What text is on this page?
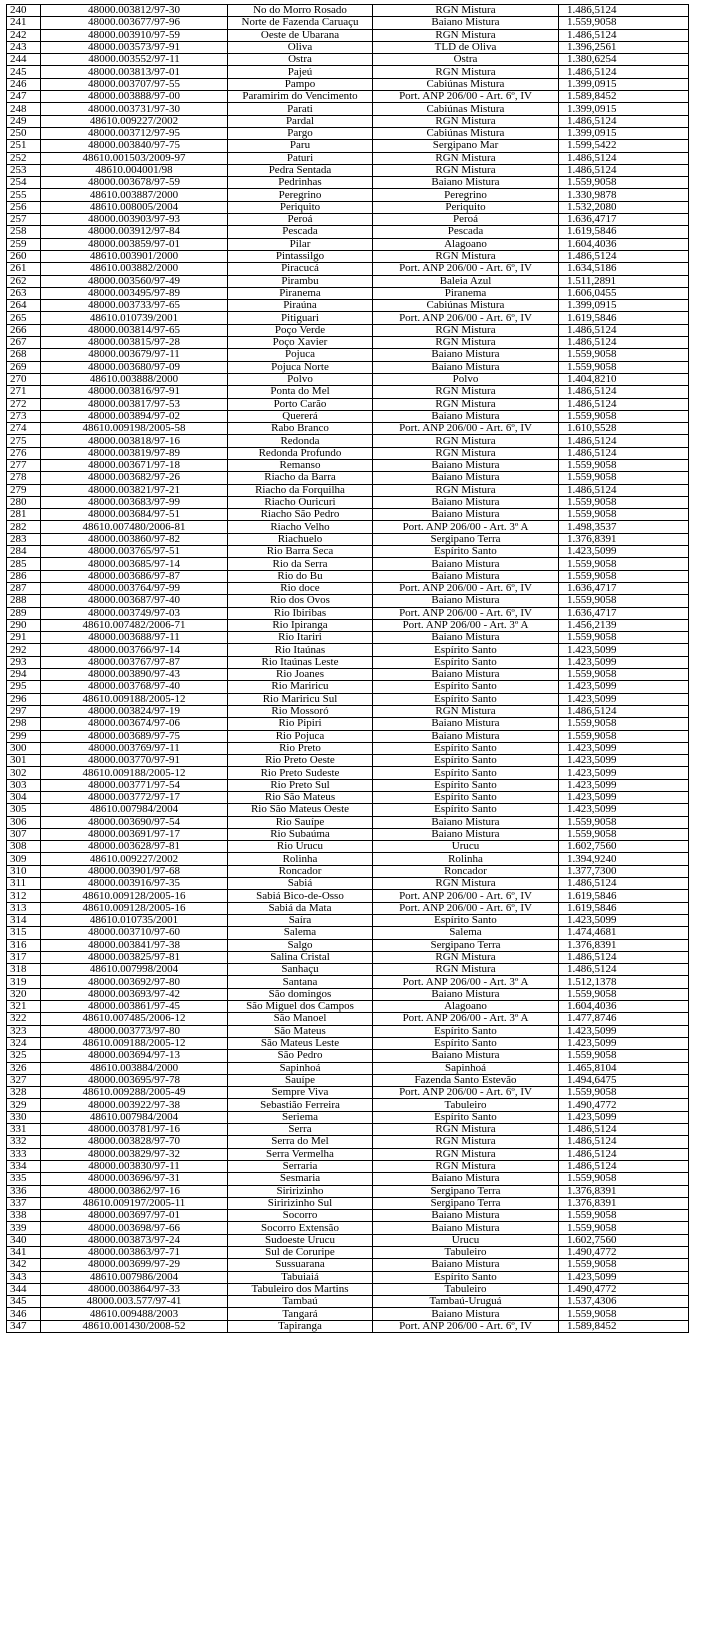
240	48000.003812/97-30	No do Morro Rosado	RGN Mistura	1.486,5124
241	48000.003677/97-96	Norte de Fazenda Caruaçu	Baiano Mistura	1.559,9058
242	48000.003910/97-59	Oeste de Ubarana	RGN Mistura	1.486,5124
243	48000.003573/97-91	Oliva	TLD de Oliva	1.396,2561
244	48000.003552/97-11	Ostra	Ostra	1.380,6254
245	48000.003813/97-01	Pajeú	RGN Mistura	1.486,5124
246	48000.003707/97-55	Pampo	Cabiúnas Mistura	1.399,0915
247	48000.003888/97-00	Paramirim do Vencimento	Port. ANP 206/00 - Art. 6º, IV	1.589,8452
248	48000.003731/97-30	Parati	Cabiúnas Mistura	1.399,0915
249	48610.009227/2002	Pardal	RGN Mistura	1.486,5124
250	48000.003712/97-95	Pargo	Cabiúnas Mistura	1.399,0915
251	48000.003840/97-75	Paru	Sergipano Mar	1.599,5422
252	48610.001503/2009-97	Paturi	RGN Mistura	1.486,5124
253	48610.004001/98	Pedra Sentada	RGN Mistura	1.486,5124
254	48000.003678/97-59	Pedrinhas	Baiano Mistura	1.559,9058
255	48610.003887/2000	Peregrino	Peregrino	1.330,9878
256	48610.008005/2004	Periquito	Periquito	1.532,2080
257	48000.003903/97-93	Peroá	Peroá	1.636,4717
258	48000.003912/97-84	Pescada	Pescada	1.619,5846
259	48000.003859/97-01	Pilar	Alagoano	1.604,4036
260	48610.003901/2000	Pintassilgo	RGN Mistura	1.486,5124
261	48610.003882/2000	Piracucá	Port. ANP 206/00 - Art. 6º, IV	1.634,5186
262	48000.003560/97-49	Pirambu	Baleia Azul	1.511,2891
263	48000.003495/97-89	Piranema	Piranema	1.606,0455
264	48000.003733/97-65	Piraúna	Cabiúnas Mistura	1.399,0915
265	48610.010739/2001	Pitiguari	Port. ANP 206/00 - Art. 6º, IV	1.619,5846
266	48000.003814/97-65	Poço Verde	RGN Mistura	1.486,5124
267	48000.003815/97-28	Poço Xavier	RGN Mistura	1.486,5124
268	48000.003679/97-11	Pojuca	Baiano Mistura	1.559,9058
269	48000.003680/97-09	Pojuca Norte	Baiano Mistura	1.559,9058
270	48610.003888/2000	Polvo	Polvo	1.404,8210
271	48000.003816/97-91	Ponta do Mel	RGN Mistura	1.486,5124
272	48000.003817/97-53	Porto Carão	RGN Mistura	1.486,5124
273	48000.003894/97-02	Quererá	Baiano Mistura	1.559,9058
274	48610.009198/2005-58	Rabo Branco	Port. ANP 206/00 - Art. 6º, IV	1.610,5528
275	48000.003818/97-16	Redonda	RGN Mistura	1.486,5124
276	48000.003819/97-89	Redonda Profundo	RGN Mistura	1.486,5124
277	48000.003671/97-18	Remanso	Baiano Mistura	1.559,9058
278	48000.003682/97-26	Riacho da Barra	Baiano Mistura	1.559,9058
279	48000.003821/97-21	Riacho da Forquilha	RGN Mistura	1.486,5124
280	48000.003683/97-99	Riacho Ouricuri	Baiano Mistura	1.559,9058
281	48000.003684/97-51	Riacho São Pedro	Baiano Mistura	1.559,9058
282	48610.007480/2006-81	Riacho Velho	Port. ANP 206/00 - Art. 3º A	1.498,3537
283	48000.003860/97-82	Riachuelo	Sergipano Terra	1.376,8391
284	48000.003765/97-51	Rio Barra Seca	Espírito Santo	1.423,5099
285	48000.003685/97-14	Rio da Serra	Baiano Mistura	1.559,9058
286	48000.003686/97-87	Rio do Bu	Baiano Mistura	1.559,9058
287	48000.003764/97-99	Rio doce	Port. ANP 206/00 - Art. 6º, IV	1.636,4717
288	48000.003687/97-40	Rio dos Ovos	Baiano Mistura	1.559,9058
289	48000.003749/97-03	Rio Ibiribas	Port. ANP 206/00 - Art. 6º, IV	1.636,4717
290	48610.007482/2006-71	Rio Ipiranga	Port. ANP 206/00 - Art. 3º A	1.456,2139
291	48000.003688/97-11	Rio Itariri	Baiano Mistura	1.559,9058
292	48000.003766/97-14	Rio Itaúnas	Espírito Santo	1.423,5099
293	48000.003767/97-87	Rio Itaúnas Leste	Espírito Santo	1.423,5099
294	48000.003890/97-43	Rio Joanes	Baiano Mistura	1.559,9058
295	48000.003768/97-40	Rio Mariricu	Espírito Santo	1.423,5099
296	48610.009188/2005-12	Rio Mariricu Sul	Espírito Santo	1.423,5099
297	48000.003824/97-19	Rio Mossoró	RGN Mistura	1.486,5124
298	48000.003674/97-06	Rio Pipiri	Baiano Mistura	1.559,9058
299	48000.003689/97-75	Rio Pojuca	Baiano Mistura	1.559,9058
300	48000.003769/97-11	Rio Preto	Espírito Santo	1.423,5099
301	48000.003770/97-91	Rio Preto Oeste	Espírito Santo	1.423,5099
302	48610.009188/2005-12	Rio Preto Sudeste	Espírito Santo	1.423,5099
303	48000.003771/97-54	Rio Preto Sul	Espírito Santo	1.423,5099
304	48000.003772/97-17	Rio São Mateus	Espírito Santo	1.423,5099
305	48610.007984/2004	Rio São Mateus Oeste	Espírito Santo	1.423,5099
306	48000.003690/97-54	Rio Sauípe	Baiano Mistura	1.559,9058
307	48000.003691/97-17	Rio Subaúma	Baiano Mistura	1.559,9058
308	48000.003628/97-81	Rio Urucu	Urucu	1.602,7560
309	48610.009227/2002	Rolinha	Rolinha	1.394,9240
310	48000.003901/97-68	Roncador	Roncador	1.377,7300
311	48000.003916/97-35	Sabiá	RGN Mistura	1.486,5124
312	48610.009128/2005-16	Sabiá Bico-de-Osso	Port. ANP 206/00 - Art. 6º, IV	1.619,5846
313	48610.009128/2005-16	Sabiá da Mata	Port. ANP 206/00 - Art. 6º, IV	1.619,5846
314	48610.010735/2001	Saíra	Espírito Santo	1.423,5099
315	48000.003710/97-60	Salema	Salema	1.474,4681
316	48000.003841/97-38	Salgo	Sergipano Terra	1.376,8391
317	48000.003825/97-81	Salina Cristal	RGN Mistura	1.486,5124
318	48610.007998/2004	Sanhaçu	RGN Mistura	1.486,5124
319	48000.003692/97-80	Santana	Port. ANP 206/00 - Art. 3º A	1.512,1378
320	48000.003693/97-42	São domingos	Baiano Mistura	1.559,9058
321	48000.003861/97-45	São Miguel dos Campos	Alagoano	1.604,4036
322	48610.007485/2006-12	São Manoel	Port. ANP 206/00 - Art. 3º A	1.477,8746
323	48000.003773/97-80	São Mateus	Espírito Santo	1.423,5099
324	48610.009188/2005-12	São Mateus Leste	Espírito Santo	1.423,5099
325	48000.003694/97-13	São Pedro	Baiano Mistura	1.559,9058
326	48610.003884/2000	Sapinhoá	Sapinhoá	1.465,8104
327	48000.003695/97-78	Sauípe	Fazenda Santo Estevão	1.494,6475
328	48610.009288/2005-49	Sempre Viva	Port. ANP 206/00 - Art. 6º, IV	1.559,9058
329	48000.003922/97-38	Sebastião Ferreira	Tabuleiro	1.490,4772
330	48610.007984/2004	Seriema	Espírito Santo	1.423,5099
331	48000.003781/97-16	Serra	RGN Mistura	1.486,5124
332	48000.003828/97-70	Serra do Mel	RGN Mistura	1.486,5124
333	48000.003829/97-32	Serra Vermelha	RGN Mistura	1.486,5124
334	48000.003830/97-11	Serraria	RGN Mistura	1.486,5124
335	48000.003696/97-31	Sesmaria	Baiano Mistura	1.559,9058
336	48000.003862/97-16	Siririzinho	Sergipano Terra	1.376,8391
337	48610.009197/2005-11	Siririzinho Sul	Sergipano Terra	1.376,8391
338	48000.003697/97-01	Socorro	Baiano Mistura	1.559,9058
339	48000.003698/97-66	Socorro Extensão	Baiano Mistura	1.559,9058
340	48000.003873/97-24	Sudoeste Urucu	Urucu	1.602,7560
341	48000.003863/97-71	Sul de Coruripe	Tabuleiro	1.490,4772
342	48000.003699/97-29	Sussuarana	Baiano Mistura	1.559,9058
343	48610.007986/2004	Tabuiaiá	Espírito Santo	1.423,5099
344	48000.003864/97-33	Tabuleiro dos Martins	Tabuleiro	1.490,4772
345	48000.003.577/97-41	Tambaú	Tambaú-Uruguá	1.537,4306
346	48610.009488/2003	Tangará	Baiano Mistura	1.559,9058
347	48610.001430/2008-52	Tapiranga	Port. ANP 206/00 - Art. 6º, IV	1.589,8452
